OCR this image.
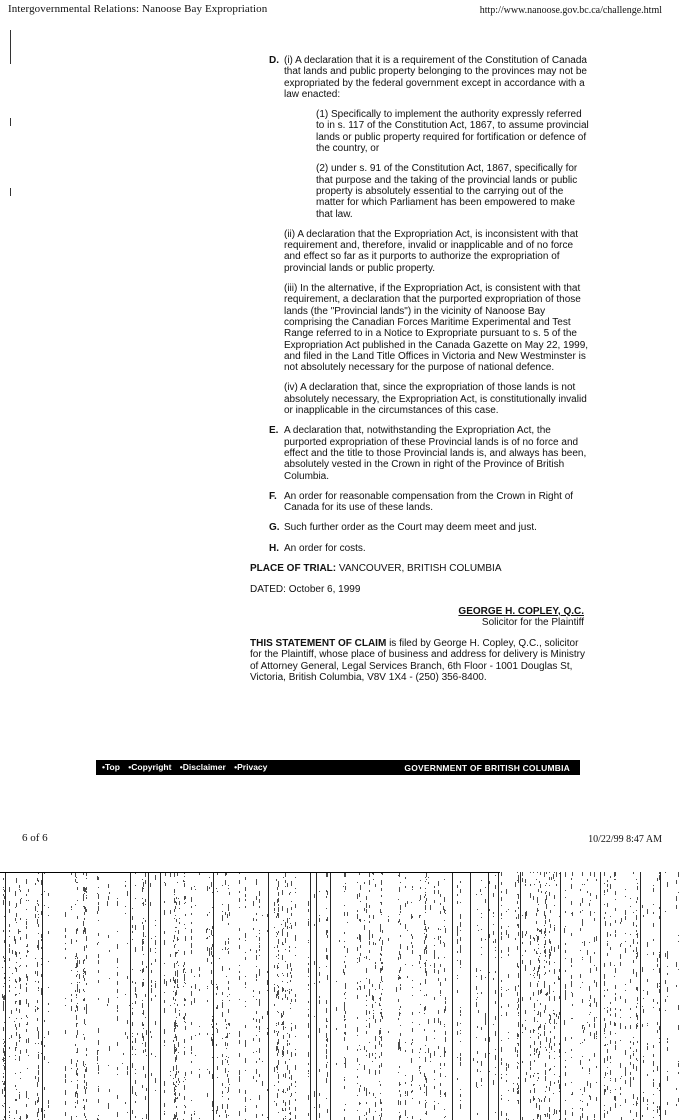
Intergovernmental Relations: Nanoose Bay Expropriation	http://www.nanoose.gov.bc.ca/challenge.html
D. (i) A declaration that it is a requirement of the Constitution of Canada that lands and public property belonging to the provinces may not be expropriated by the federal government except in accordance with a law enacted:
(1) Specifically to implement the authority expressly referred to in s. 117 of the Constitution Act, 1867, to assume provincial lands or public property required for fortification or defence of the country, or
(2) under s. 91 of the Constitution Act, 1867, specifically for that purpose and the taking of the provincial lands or public property is absolutely essential to the carrying out of the matter for which Parliament has been empowered to make that law.
(ii) A declaration that the Expropriation Act, is inconsistent with that requirement and, therefore, invalid or inapplicable and of no force and effect so far as it purports to authorize the expropriation of provincial lands or public property.
(iii) In the alternative, if the Expropriation Act, is consistent with that requirement, a declaration that the purported expropriation of those lands (the "Provincial lands") in the vicinity of Nanoose Bay comprising the Canadian Forces Maritime Experimental and Test Range referred to in a Notice to Expropriate pursuant to s. 5 of the Expropriation Act published in the Canada Gazette on May 22, 1999, and filed in the Land Title Offices in Victoria and New Westminster is not absolutely necessary for the purpose of national defence.
(iv) A declaration that, since the expropriation of those lands is not absolutely necessary, the Expropriation Act, is constitutionally invalid or inapplicable in the circumstances of this case.
E. A declaration that, notwithstanding the Expropriation Act, the purported expropriation of these Provincial lands is of no force and effect and the title to those Provincial lands is, and always has been, absolutely vested in the Crown in right of the Province of British Columbia.
F. An order for reasonable compensation from the Crown in Right of Canada for its use of these lands.
G. Such further order as the Court may deem meet and just.
H. An order for costs.
PLACE OF TRIAL: VANCOUVER, BRITISH COLUMBIA
DATED: October 6, 1999
GEORGE H. COPLEY, Q.C.
Solicitor for the Plaintiff
THIS STATEMENT OF CLAIM is filed by George H. Copley, Q.C., solicitor for the Plaintiff, whose place of business and address for delivery is Ministry of Attorney General, Legal Services Branch, 6th Floor - 1001 Douglas St, Victoria, British Columbia, V8V 1X4 - (250) 356-8400.
•Top •Copyright •Disclaimer •Privacy	GOVERNMENT OF BRITISH COLUMBIA
6 of 6	10/22/99 8:47 AM
